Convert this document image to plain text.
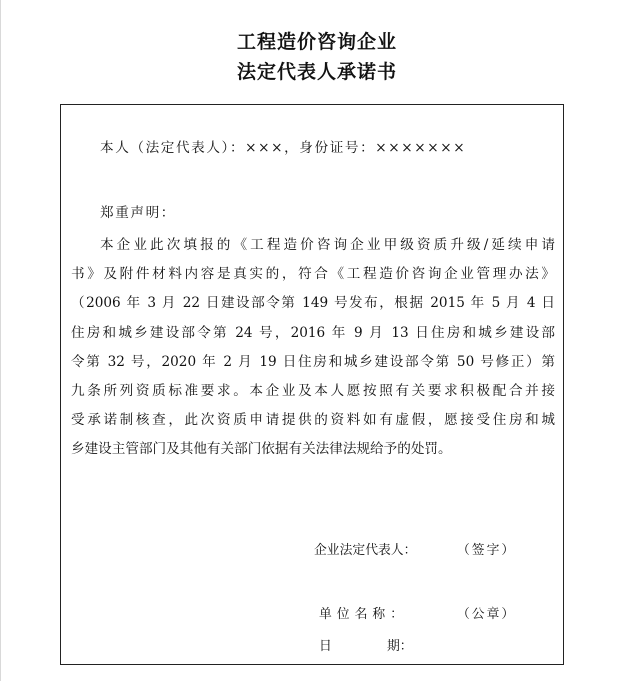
工程造价咨询企业
法定代表人承诺书
本人（法定代表人）：×××，身份证号：×××××××
郑重声明：
本企业此次填报的《工程造价咨询企业甲级资质升级/延续申请
书》及附件材料内容是真实的，符合《工程造价咨询企业管理办法》
（2006 年 3 月 22 日建设部令第 149 号发布，根据 2015 年 5 月 4 日
住房和城乡建设部令第 24 号，2016 年 9 月 13 日住房和城乡建设部
令第 32 号，2020 年 2 月 19 日住房和城乡建设部令第 50 号修正）第
九条所列资质标准要求。本企业及本人愿按照有关要求积极配合并接
受承诺制核查，此次资质申请提供的资料如有虚假，愿接受住房和城
乡建设主管部门及其他有关部门依据有关法律法规给予的处罚。
企业法定代表人：	（签字）
单位名称：	（公章）
日	期：
